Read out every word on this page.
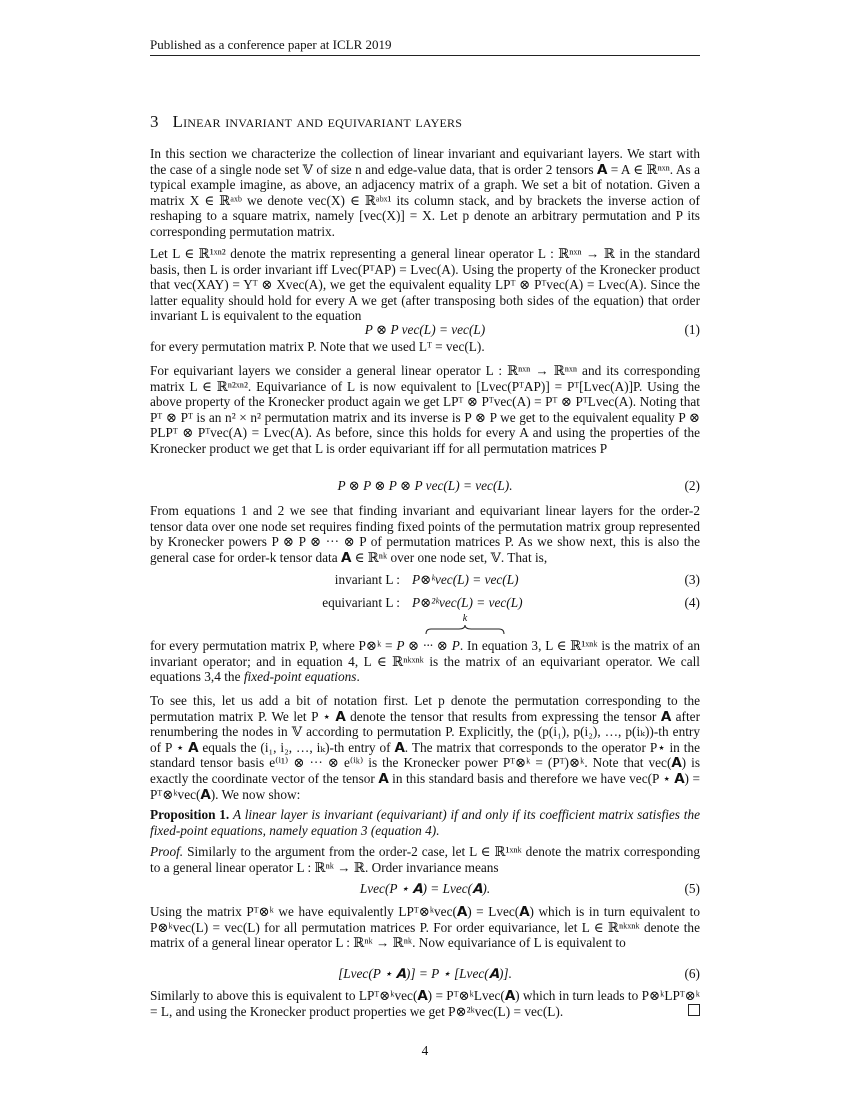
Published as a conference paper at ICLR 2019
3 Linear invariant and equivariant layers
In this section we characterize the collection of linear invariant and equivariant layers. We start with the case of a single node set 𝕍 of size n and edge-value data, that is order 2 tensors 𝗔 = A ∈ ℝⁿˣⁿ. As a typical example imagine, as above, an adjacency matrix of a graph. We set a bit of notation. Given a matrix X ∈ ℝᵃˣᵇ we denote vec(X) ∈ ℝᵃᵇˣ¹ its column stack, and by brackets the inverse action of reshaping to a square matrix, namely [vec(X)] = X. Let p denote an arbitrary permutation and P its corresponding permutation matrix.
Let L ∈ ℝ¹ˣⁿ² denote the matrix representing a general linear operator L : ℝⁿˣⁿ → ℝ in the standard basis, then L is order invariant iff Lvec(PᵀAP) = Lvec(A). Using the property of the Kronecker product that vec(XAY) = Yᵀ ⊗ Xvec(A), we get the equivalent equality LPᵀ ⊗ Pᵀvec(A) = Lvec(A). Since the latter equality should hold for every A we get (after transposing both sides of the equation) that order invariant L is equivalent to the equation
P ⊗ P vec(L) = vec(L)	(1)
for every permutation matrix P. Note that we used Lᵀ = vec(L).
For equivariant layers we consider a general linear operator L : ℝⁿˣⁿ → ℝⁿˣⁿ and its corresponding matrix L ∈ ℝⁿ²ˣⁿ². Equivariance of L is now equivalent to [Lvec(PᵀAP)] = Pᵀ[Lvec(A)]P. Using the above property of the Kronecker product again we get LPᵀ ⊗ Pᵀvec(A) = Pᵀ ⊗ PᵀLvec(A). Noting that Pᵀ ⊗ Pᵀ is an n² × n² permutation matrix and its inverse is P ⊗ P we get to the equivalent equality P ⊗ PLPᵀ ⊗ Pᵀvec(A) = Lvec(A). As before, since this holds for every A and using the properties of the Kronecker product we get that L is order equivariant iff for all permutation matrices P
P ⊗ P ⊗ P ⊗ P vec(L) = vec(L).	(2)
From equations 1 and 2 we see that finding invariant and equivariant linear layers for the order-2 tensor data over one node set requires finding fixed points of the permutation matrix group represented by Kronecker powers P ⊗ P ⊗ ··· ⊗ P of permutation matrices P. As we show next, this is also the general case for order-k tensor data 𝗔 ∈ ℝⁿᵏ over one node set, 𝕍. That is,
invariant L : P⊗ᵏvec(L) = vec(L)	(3)
equivariant L : P⊗²ᵏvec(L) = vec(L)	(4)
k
for every permutation matrix P, where P⊗ᵏ = P ⊗ ··· ⊗ P. In equation 3, L ∈ ℝ¹ˣⁿᵏ is the matrix of an invariant operator; and in equation 4, L ∈ ℝⁿᵏˣⁿᵏ is the matrix of an equivariant operator. We call equations 3,4 the fixed-point equations.
To see this, let us add a bit of notation first. Let p denote the permutation corresponding to the permutation matrix P. We let P ⋆ 𝗔 denote the tensor that results from expressing the tensor 𝗔 after renumbering the nodes in 𝕍 according to permutation P. Explicitly, the (p(i₁), p(i₂), …, p(iₖ))-th entry of P ⋆ 𝗔 equals the (i₁, i₂, …, iₖ)-th entry of 𝗔. The matrix that corresponds to the operator P⋆ in the standard tensor basis e⁽ⁱ¹⁾ ⊗ ··· ⊗ e⁽ⁱᵏ⁾ is the Kronecker power Pᵀ⊗ᵏ = (Pᵀ)⊗ᵏ. Note that vec(𝗔) is exactly the coordinate vector of the tensor 𝗔 in this standard basis and therefore we have vec(P ⋆ 𝗔) = Pᵀ⊗ᵏvec(𝗔). We now show:
Proposition 1. A linear layer is invariant (equivariant) if and only if its coefficient matrix satisfies the fixed-point equations, namely equation 3 (equation 4).
Proof. Similarly to the argument from the order-2 case, let L ∈ ℝ¹ˣⁿᵏ denote the matrix corresponding to a general linear operator L : ℝⁿᵏ → ℝ. Order invariance means
Lvec(P ⋆ 𝗔) = Lvec(𝗔).	(5)
Using the matrix Pᵀ⊗ᵏ we have equivalently LPᵀ⊗ᵏvec(𝗔) = Lvec(𝗔) which is in turn equivalent to P⊗ᵏvec(L) = vec(L) for all permutation matrices P. For order equivariance, let L ∈ ℝⁿᵏˣⁿᵏ denote the matrix of a general linear operator L : ℝⁿᵏ → ℝⁿᵏ. Now equivariance of L is equivalent to
[Lvec(P ⋆ 𝗔)] = P ⋆ [Lvec(𝗔)].	(6)
Similarly to above this is equivalent to LPᵀ⊗ᵏvec(𝗔) = Pᵀ⊗ᵏLvec(𝗔) which in turn leads to P⊗ᵏLPᵀ⊗ᵏ = L, and using the Kronecker product properties we get P⊗²ᵏvec(L) = vec(L).
4
